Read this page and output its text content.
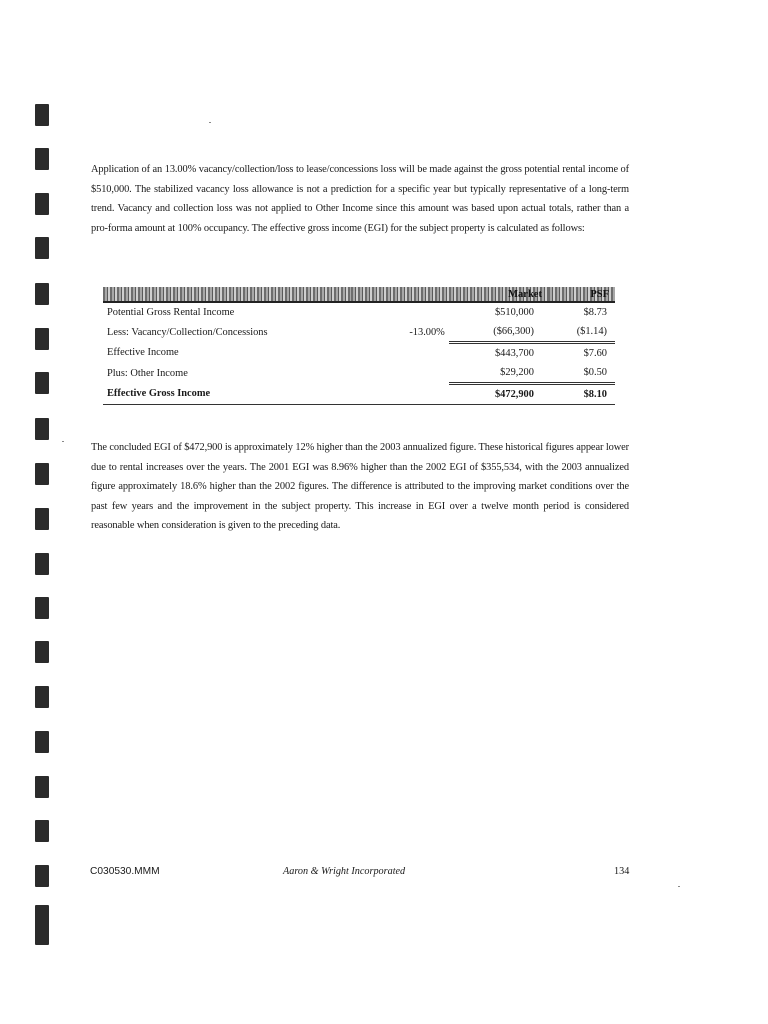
Application of an 13.00% vacancy/collection/loss to lease/concessions loss will be made against the gross potential rental income of $510,000. The stabilized vacancy loss allowance is not a prediction for a specific year but typically representative of a long-term trend. Vacancy and collection loss was not applied to Other Income since this amount was based upon actual totals, rather than a pro-forma amount at 100% occupancy. The effective gross income (EGI) for the subject property is calculated as follows:

		Market	PSF
Potential Gross Rental Income		$510,000	$8.73
Less: Vacancy/Collection/Concessions	-13.00%	($66,300)	($1.14)
Effective Income		$443,700	$7.60
Plus: Other Income		$29,200	$0.50
Effective Gross Income		$472,900	$8.10

The concluded EGI of $472,900 is approximately 12% higher than the 2003 annualized figure. These historical figures appear lower due to rental increases over the years. The 2001 EGI was 8.96% higher than the 2002 EGI of $355,534, with the 2003 annualized figure approximately 18.6% higher than the 2002 figures. The difference is attributed to the improving market conditions over the past few years and the improvement in the subject property. This increase in EGI over a twelve month period is considered reasonable when consideration is given to the preceding data.

C030530.MMM	Aaron & Wright Incorporated	134
